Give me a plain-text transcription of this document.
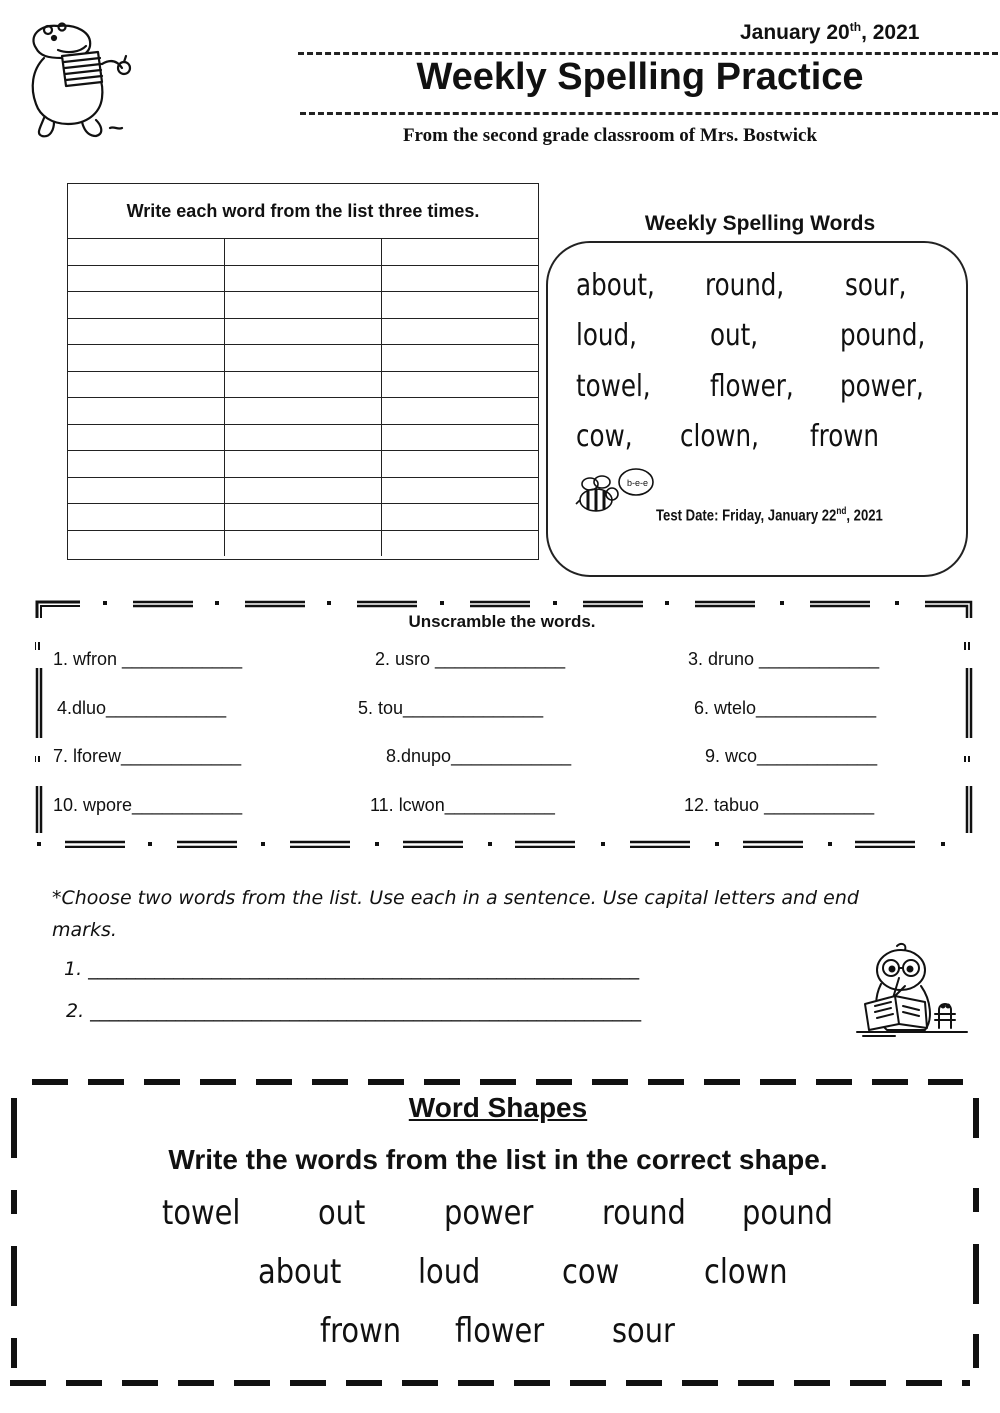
January 20th, 2021
Weekly Spelling Practice
From the second grade classroom of Mrs. Bostwick
Write each word from the list three times.

Weekly Spelling Words
about, round, sour,
loud, out,	pound,
towel, flower, power,
cow, clown, frown
b-e-e
Test Date: Friday, January 22nd, 2021
Unscramble the words.
1. wfron ____________	2. usro _____________	3. druno ____________
4.dluo____________	5. tou______________	6. wtelo____________
7. lforew____________	8.dnupo____________	9. wco____________
10. wpore___________	11. lcwon___________	12. tabuo ___________
*Choose two words from the list. Use each in a sentence. Use capital letters and end marks.
1. __________________________________________________________
2. __________________________________________________________
Word Shapes
Write the words from the list in the correct shape.
towel out power round pound
about loud cow clown
frown flower sour
